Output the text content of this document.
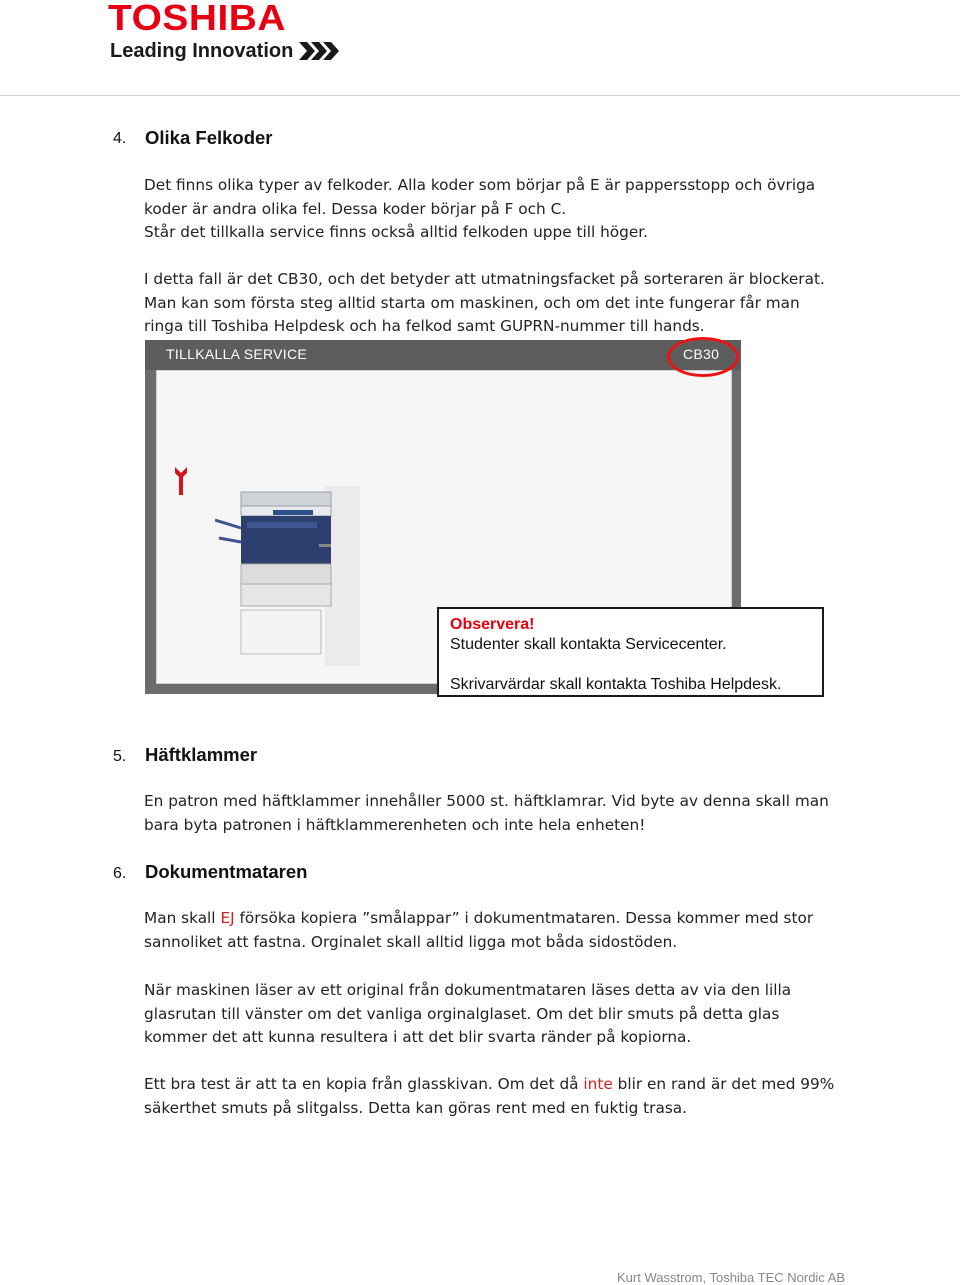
TOSHIBA
Leading Innovation
4. Olika Felkoder
Det finns olika typer av felkoder. Alla koder som börjar på E är pappersstopp och övriga
koder är andra olika fel. Dessa koder börjar på F och C.
Står det tillkalla service finns också alltid felkoden uppe till höger.
I detta fall är det CB30, och det betyder att utmatningsfacket på sorteraren är blockerat.
Man kan som första steg alltid starta om maskinen, och om det inte fungerar får man
ringa till Toshiba Helpdesk och ha felkod samt GUPRN-nummer till hands.
TILLKALLA SERVICE	CB30
Observera!
Studenter skall kontakta Servicecenter.
Skrivarvärdar skall kontakta Toshiba Helpdesk.
5. Häftklammer
En patron med häftklammer innehåller 5000 st. häftklamrar. Vid byte av denna skall man
bara byta patronen i häftklammerenheten och inte hela enheten!
6. Dokumentmataren
Man skall EJ försöka kopiera ”smålappar” i dokumentmataren. Dessa kommer med stor
sannoliket att fastna. Orginalet skall alltid ligga mot båda sidostöden.
När maskinen läser av ett original från dokumentmataren läses detta av via den lilla
glasrutan till vänster om det vanliga orginalglaset. Om det blir smuts på detta glas
kommer det att kunna resultera i att det blir svarta ränder på kopiorna.
Ett bra test är att ta en kopia från glasskivan. Om det då inte blir en rand är det med 99%
säkerthet smuts på slitgalss. Detta kan göras rent med en fuktig trasa.
Kurt Wasstrom, Toshiba TEC Nordic AB
